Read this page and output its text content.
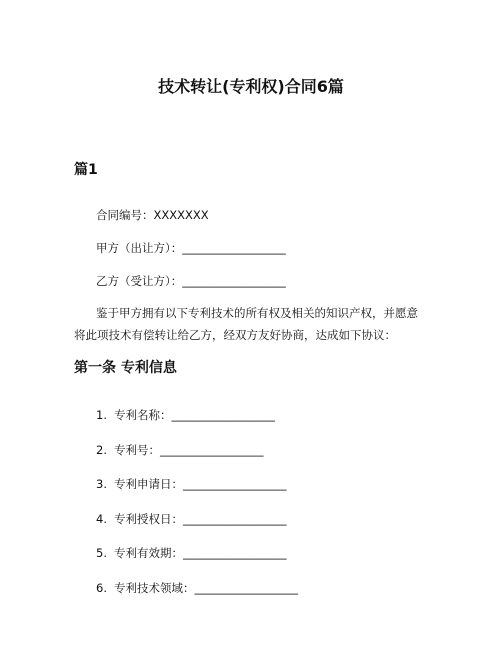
技术转让(专利权)合同6篇
篇1
合同编号：XXXXXXX
甲方（出让方）：__________________
乙方（受让方）：__________________

鉴于甲方拥有以下专利技术的所有权及相关的知识产权，并愿意将此项技术有偿转让给乙方，经双方友好协商，达成如下协议：

第一条 专利信息
1. 专利名称：__________________
2. 专利号：__________________
3. 专利申请日：__________________
4. 专利授权日：__________________
5. 专利有效期：__________________
6. 专利技术领域：__________________
